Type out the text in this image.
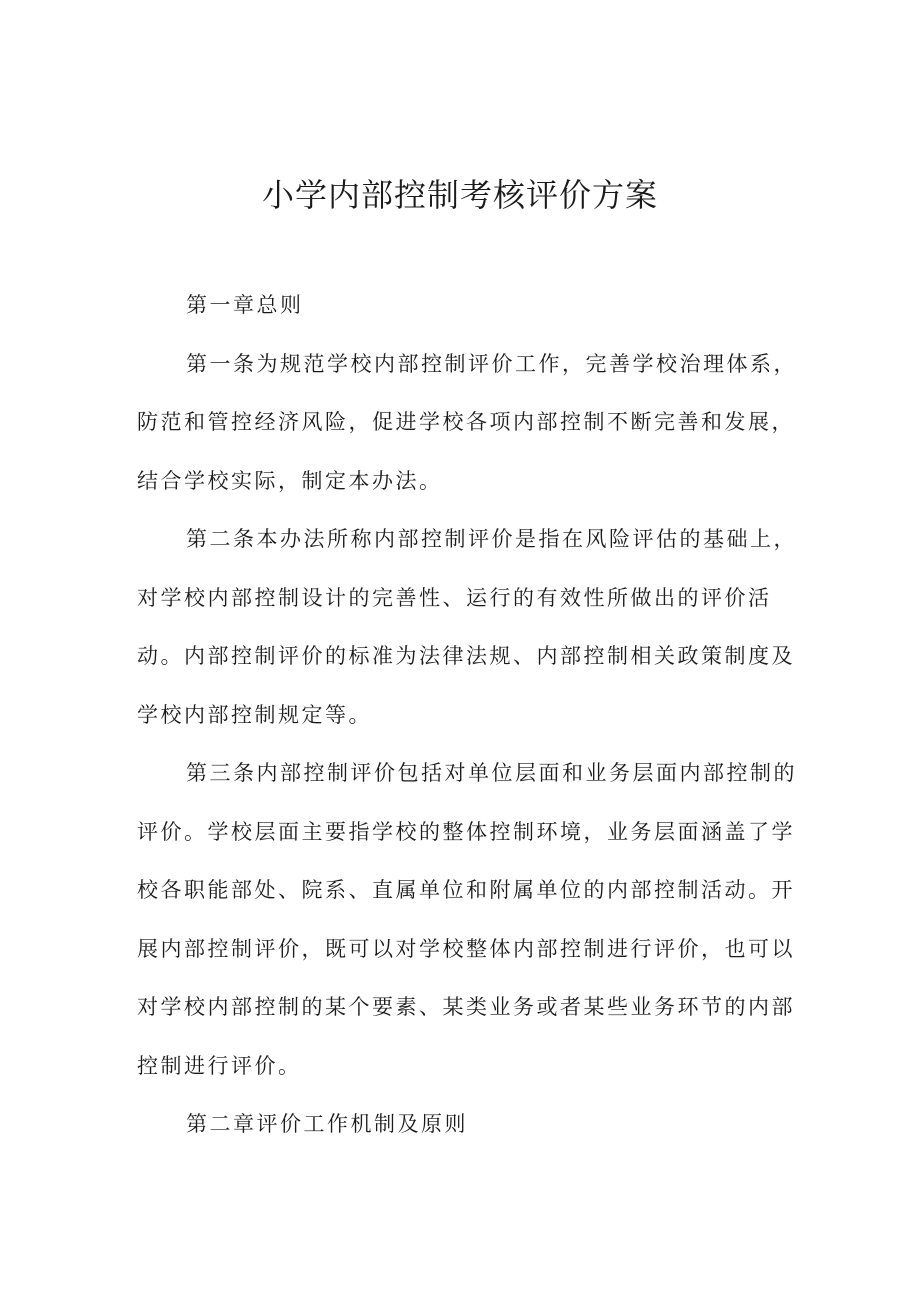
小学内部控制考核评价方案

第一章总则

第一条为规范学校内部控制评价工作，完善学校治理体系，防范和管控经济风险，促进学校各项内部控制不断完善和发展，结合学校实际，制定本办法。

第二条本办法所称内部控制评价是指在风险评估的基础上，对学校内部控制设计的完善性、运行的有效性所做出的评价活动。内部控制评价的标准为法律法规、内部控制相关政策制度及学校内部控制规定等。

第三条内部控制评价包括对单位层面和业务层面内部控制的评价。学校层面主要指学校的整体控制环境，业务层面涵盖了学校各职能部处、院系、直属单位和附属单位的内部控制活动。开展内部控制评价，既可以对学校整体内部控制进行评价，也可以对学校内部控制的某个要素、某类业务或者某些业务环节的内部控制进行评价。

第二章评价工作机制及原则
